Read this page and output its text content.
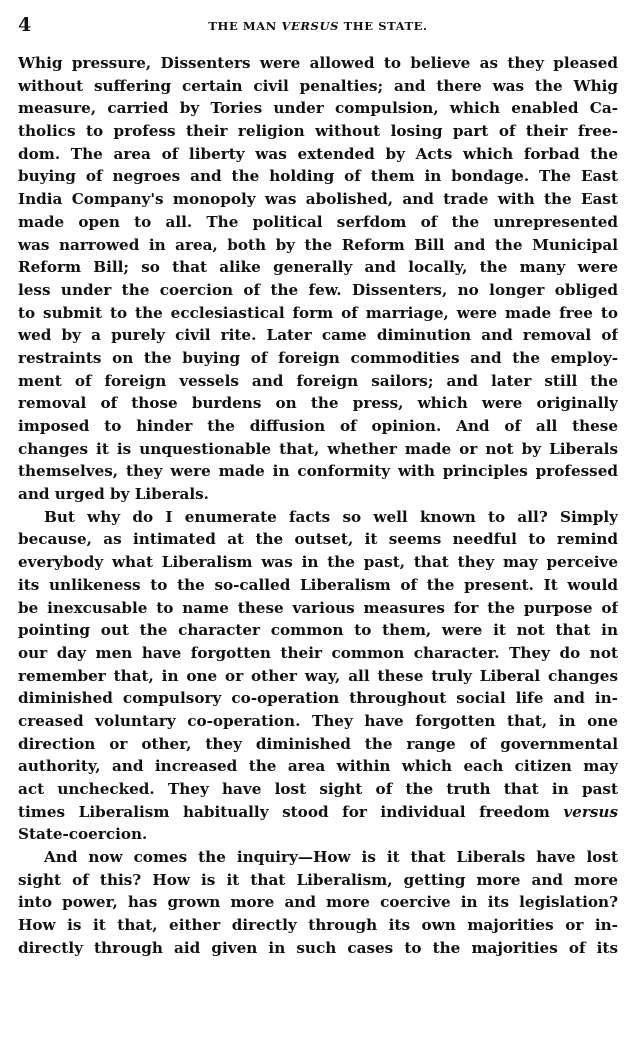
4	THE MAN VERSUS THE STATE.
Whig pressure, Dissenters were allowed to believe as they pleased
without suffering certain civil penalties; and there was the Whig
measure, carried by Tories under compulsion, which enabled Ca-
tholics to profess their religion without losing part of their free-
dom. The area of liberty was extended by Acts which forbad the
buying of negroes and the holding of them in bondage. The East
India Company's monopoly was abolished, and trade with the East
made open to all. The political serfdom of the unrepresented
was narrowed in area, both by the Reform Bill and the Municipal
Reform Bill; so that alike generally and locally, the many were
less under the coercion of the few. Dissenters, no longer obliged
to submit to the ecclesiastical form of marriage, were made free to
wed by a purely civil rite. Later came diminution and removal of
restraints on the buying of foreign commodities and the employ-
ment of foreign vessels and foreign sailors; and later still the
removal of those burdens on the press, which were originally
imposed to hinder the diffusion of opinion. And of all these
changes it is unquestionable that, whether made or not by Liberals
themselves, they were made in conformity with principles professed
and urged by Liberals.
But why do I enumerate facts so well known to all? Simply
because, as intimated at the outset, it seems needful to remind
everybody what Liberalism was in the past, that they may perceive
its unlikeness to the so-called Liberalism of the present. It would
be inexcusable to name these various measures for the purpose of
pointing out the character common to them, were it not that in
our day men have forgotten their common character. They do not
remember that, in one or other way, all these truly Liberal changes
diminished compulsory co-operation throughout social life and in-
creased voluntary co-operation. They have forgotten that, in one
direction or other, they diminished the range of governmental
authority, and increased the area within which each citizen may
act unchecked. They have lost sight of the truth that in past
times Liberalism habitually stood for individual freedom versus
State-coercion.
And now comes the inquiry—How is it that Liberals have lost
sight of this? How is it that Liberalism, getting more and more
into power, has grown more and more coercive in its legislation?
How is it that, either directly through its own majorities or in-
directly through aid given in such cases to the majorities of its
